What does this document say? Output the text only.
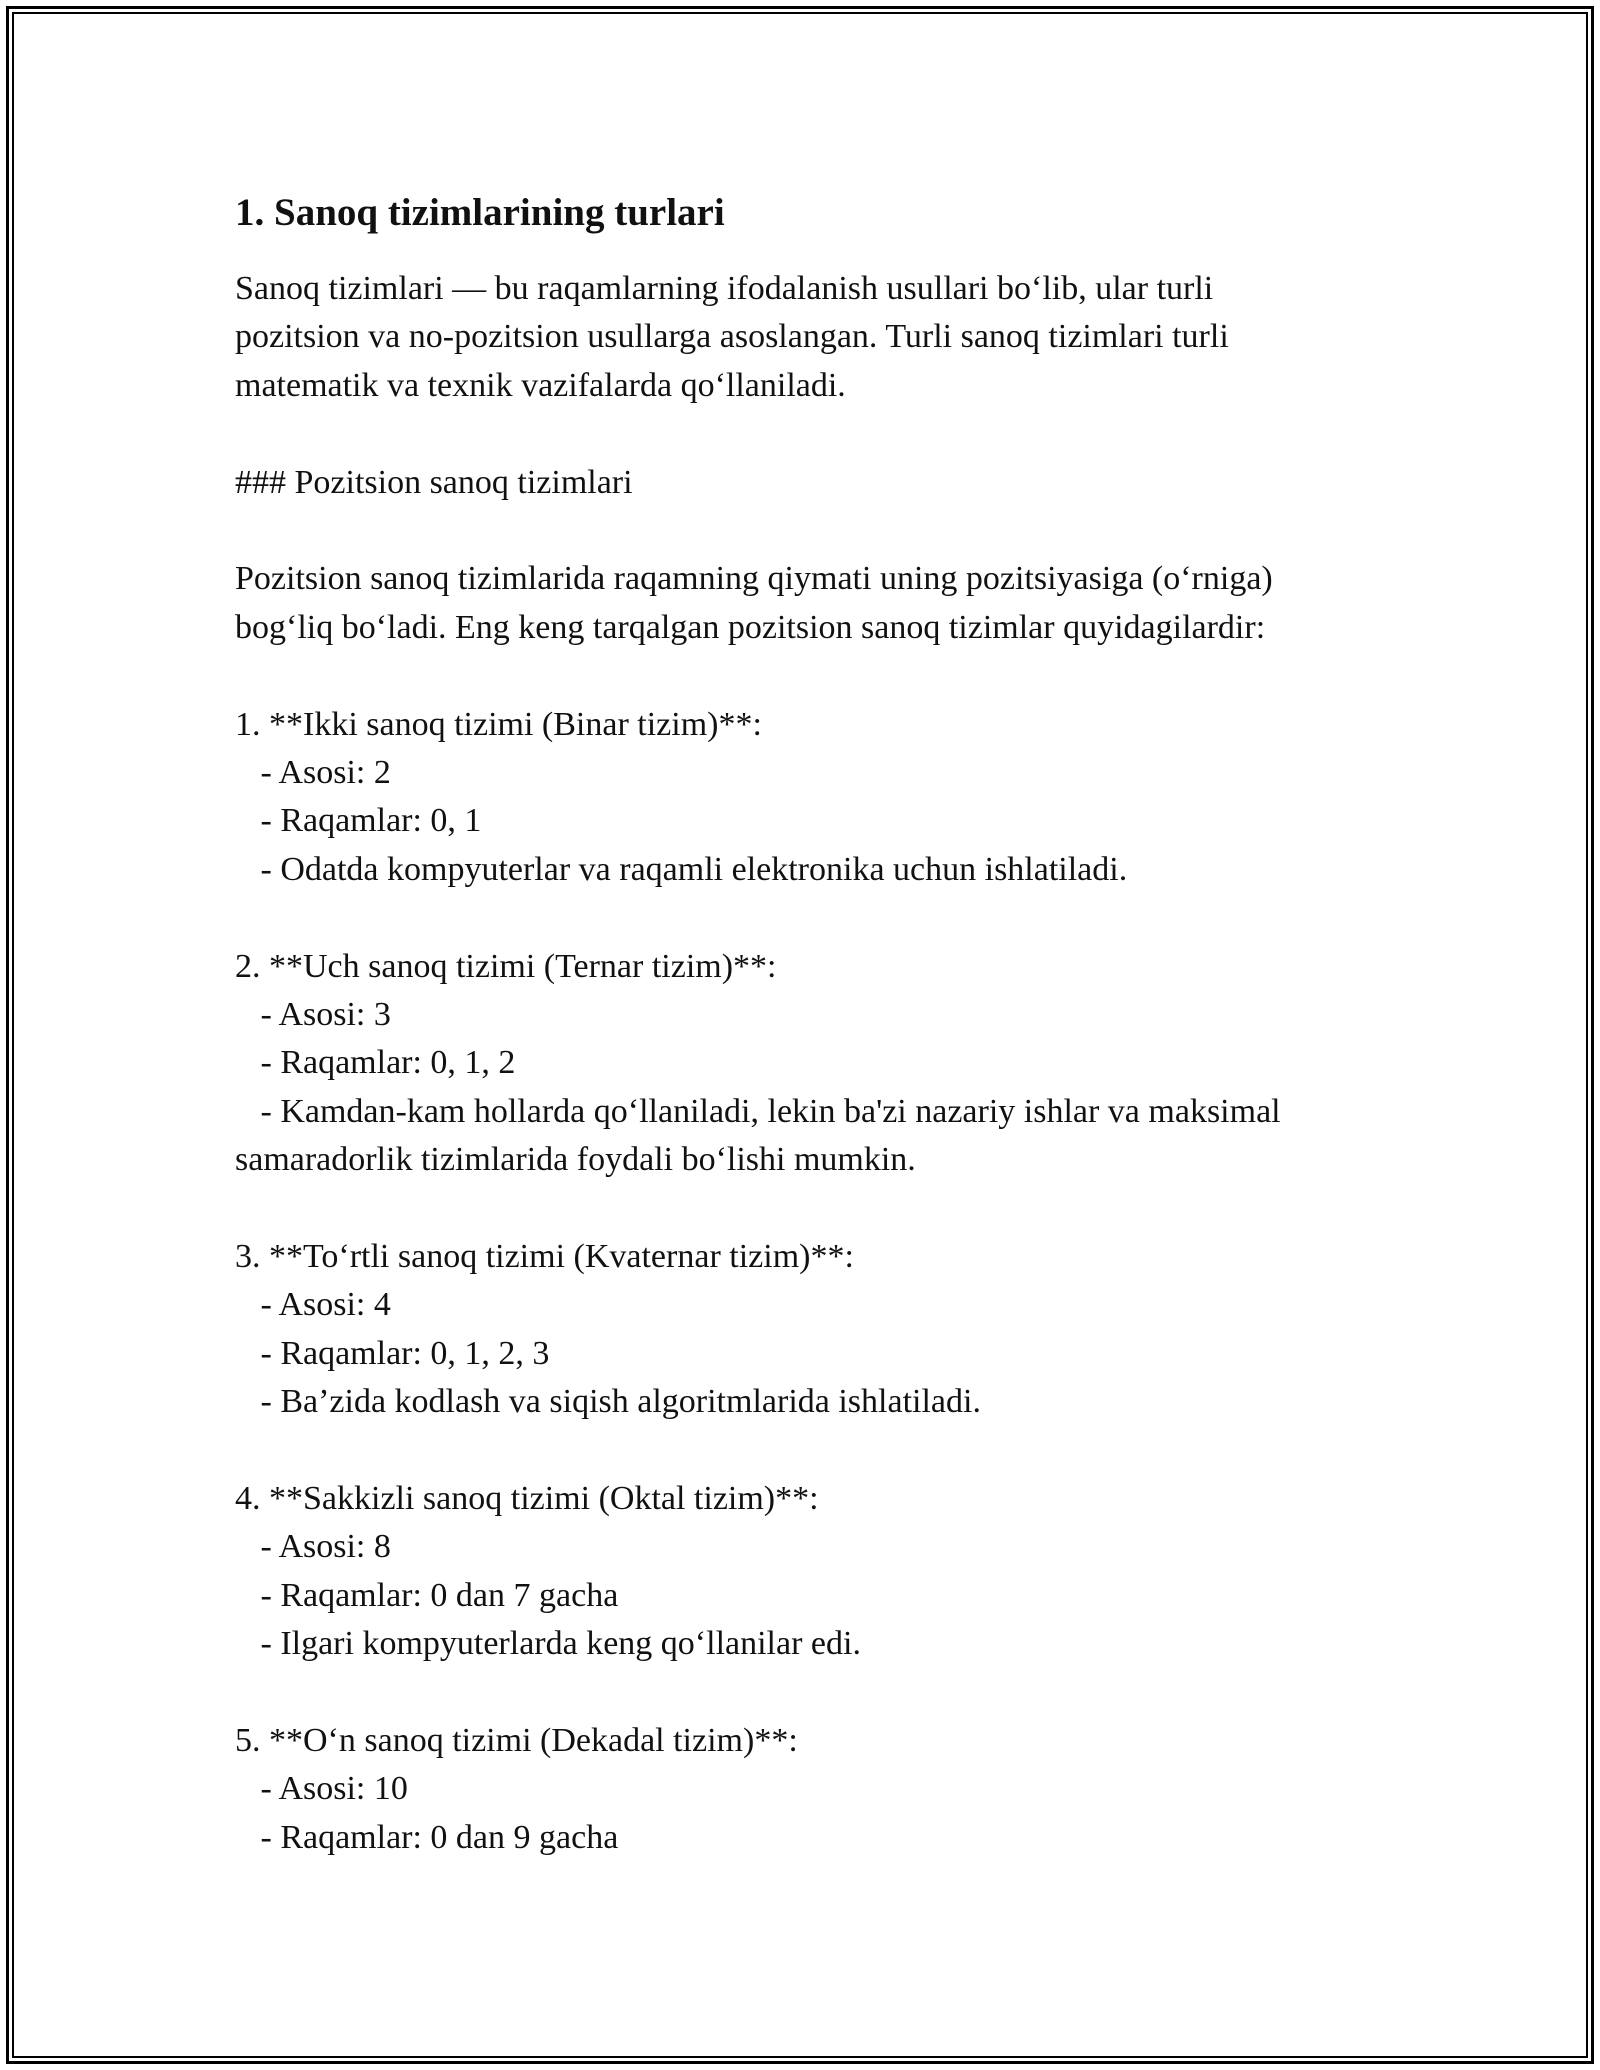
1. Sanoq tizimlarining turlari

Sanoq tizimlari — bu raqamlarning ifodalanish usullari bo‘lib, ular turli

pozitsion va no-pozitsion usullarga asoslangan. Turli sanoq tizimlari turli

matematik va texnik vazifalarda qo‘llaniladi.

### Pozitsion sanoq tizimlari

Pozitsion sanoq tizimlarida raqamning qiymati uning pozitsiyasiga (o‘rniga)

bog‘liq bo‘ladi. Eng keng tarqalgan pozitsion sanoq tizimlar quyidagilardir:

1. **Ikki sanoq tizimi (Binar tizim)**:

- Asosi: 2

- Raqamlar: 0, 1

- Odatda kompyuterlar va raqamli elektronika uchun ishlatiladi.

2. **Uch sanoq tizimi (Ternar tizim)**:

- Asosi: 3

- Raqamlar: 0, 1, 2

- Kamdan-kam hollarda qo‘llaniladi, lekin ba'zi nazariy ishlar va maksimal

samaradorlik tizimlarida foydali bo‘lishi mumkin.

3. **To‘rtli sanoq tizimi (Kvaternar tizim)**:

- Asosi: 4

- Raqamlar: 0, 1, 2, 3

- Ba’zida kodlash va siqish algoritmlarida ishlatiladi.

4. **Sakkizli sanoq tizimi (Oktal tizim)**:

- Asosi: 8

- Raqamlar: 0 dan 7 gacha

- Ilgari kompyuterlarda keng qo‘llanilar edi.

5. **O‘n sanoq tizimi (Dekadal tizim)**:

- Asosi: 10

- Raqamlar: 0 dan 9 gacha
